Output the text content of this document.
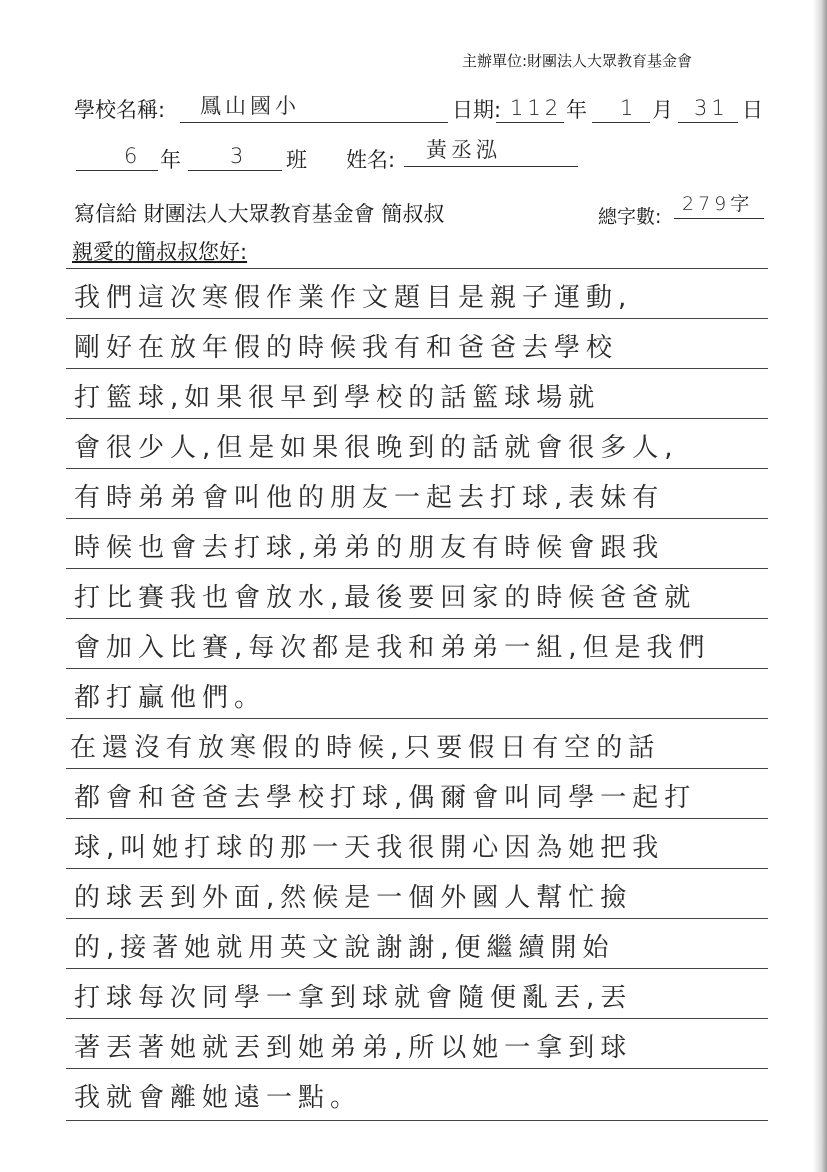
主辦單位:財團法人大眾教育基金會
學校名稱: 鳳山國小	日期: 112 年 1 月 31 日
6 年 3 班 姓名: 黃丞泓
寫信給 財團法人大眾教育基金會 簡叔叔	總字數:
279字
親愛的簡叔叔您好:
我們這次寒假作業作文題目是親子運動,
剛好在放年假的時候我有和爸爸去學校
打籃球,如果很早到學校的話籃球場就
會很少人,但是如果很晚到的話就會很多人,
有時弟弟會叫他的朋友一起去打球,表妹有
時候也會去打球,弟弟的朋友有時候會跟我
打比賽我也會放水,最後要回家的時候爸爸就
會加入比賽,每次都是我和弟弟一組,但是我們
都打贏他們。
在還沒有放寒假的時候,只要假日有空的話
都會和爸爸去學校打球,偶爾會叫同學一起打
球,叫她打球的那一天我很開心因為她把我
的球丟到外面,然候是一個外國人幫忙撿
的,接著她就用英文說謝謝,便繼續開始
打球每次同學一拿到球就會隨便亂丟,丟
著丟著她就丟到她弟弟,所以她一拿到球
我就會離她遠一點。
